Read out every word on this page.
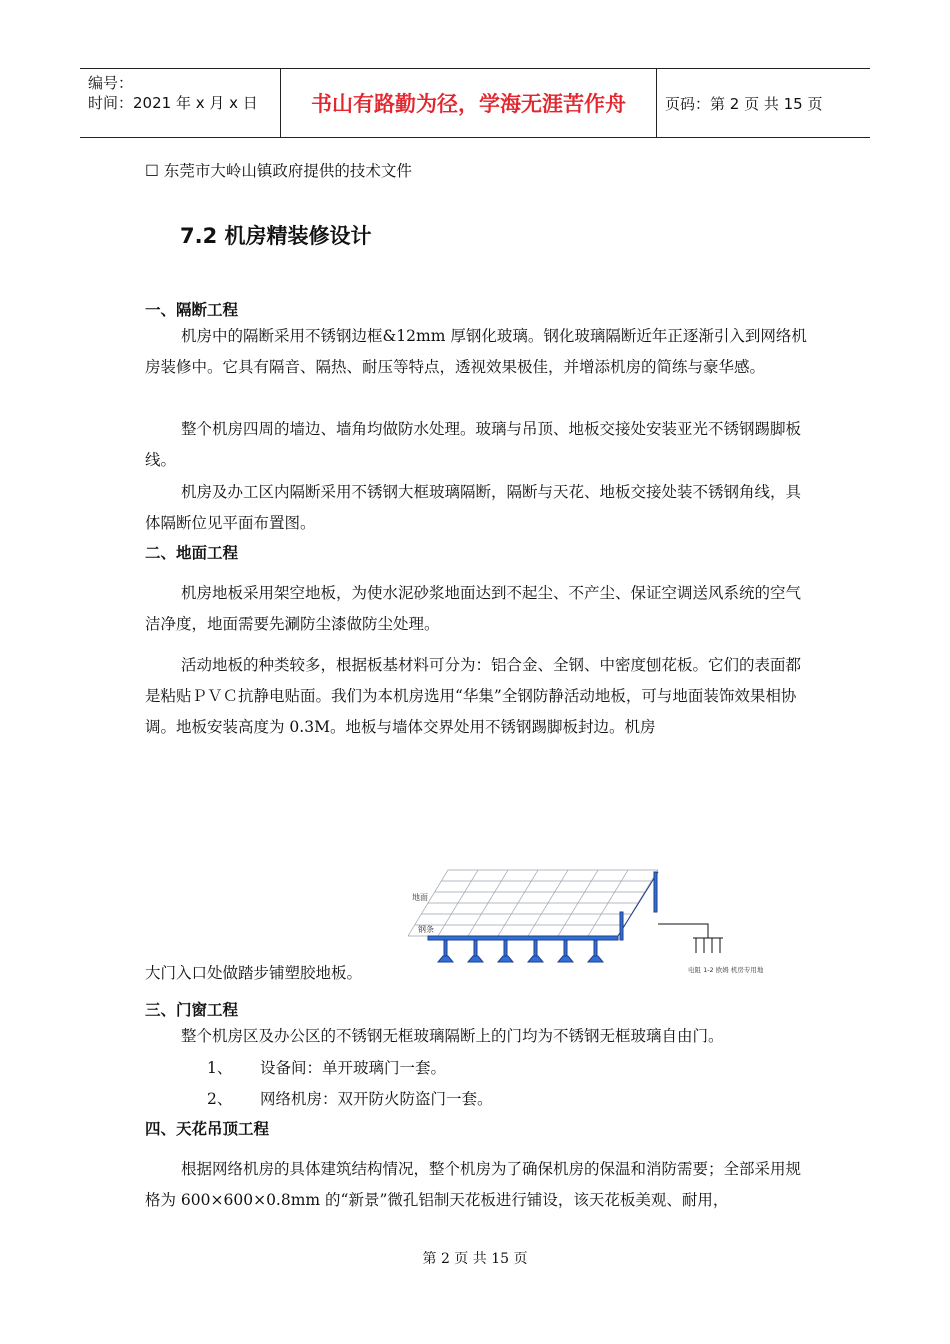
编号：
时间：2021 年 x 月 x 日	书山有路勤为径，学海无涯苦作舟	页码：第 2 页 共 15 页

☐ 东莞市大岭山镇政府提供的技术文件

7.2 机房精装修设计
一、隔断工程

机房中的隔断采用不锈钢边框&12mm 厚钢化玻璃。钢化玻璃隔断近年正逐渐引入到网络机房装修中。它具有隔音、隔热、耐压等特点，透视效果极佳，并增添机房的简练与豪华感。

整个机房四周的墙边、墙角均做防水处理。玻璃与吊顶、地板交接处安装亚光不锈钢踢脚板线。

机房及办工区内隔断采用不锈钢大框玻璃隔断，隔断与天花、地板交接处装不锈钢角线，具体隔断位见平面布置图。

二、地面工程

机房地板采用架空地板，为使水泥砂浆地面达到不起尘、不产尘、保证空调送风系统的空气洁净度，地面需要先涮防尘漆做防尘处理。

活动地板的种类较多，根据板基材料可分为：铝合金、全钢、中密度刨花板。它们的表面都是粘贴ＰＶＣ抗静电贴面。我们为本机房选用“华集”全钢防静活动地板，可与地面装饰效果相协调。地板安装高度为 0.3M。地板与墙体交界处用不锈钢踢脚板封边。机房

地面
钢条
电阻 1-2 欧姆 机房专用地

大门入口处做踏步铺塑胶地板。

三、门窗工程

整个机房区及办公区的不锈钢无框玻璃隔断上的门均为不锈钢无框玻璃自由门。

1、 设备间：单开玻璃门一套。
2、 网络机房：双开防火防盗门一套。
四、天花吊顶工程

根据网络机房的具体建筑结构情况，整个机房为了确保机房的保温和消防需要；全部采用规格为 600×600×0.8mm 的“新景”微孔铝制天花板进行铺设，该天花板美观、耐用，

第 2 页 共 15 页
